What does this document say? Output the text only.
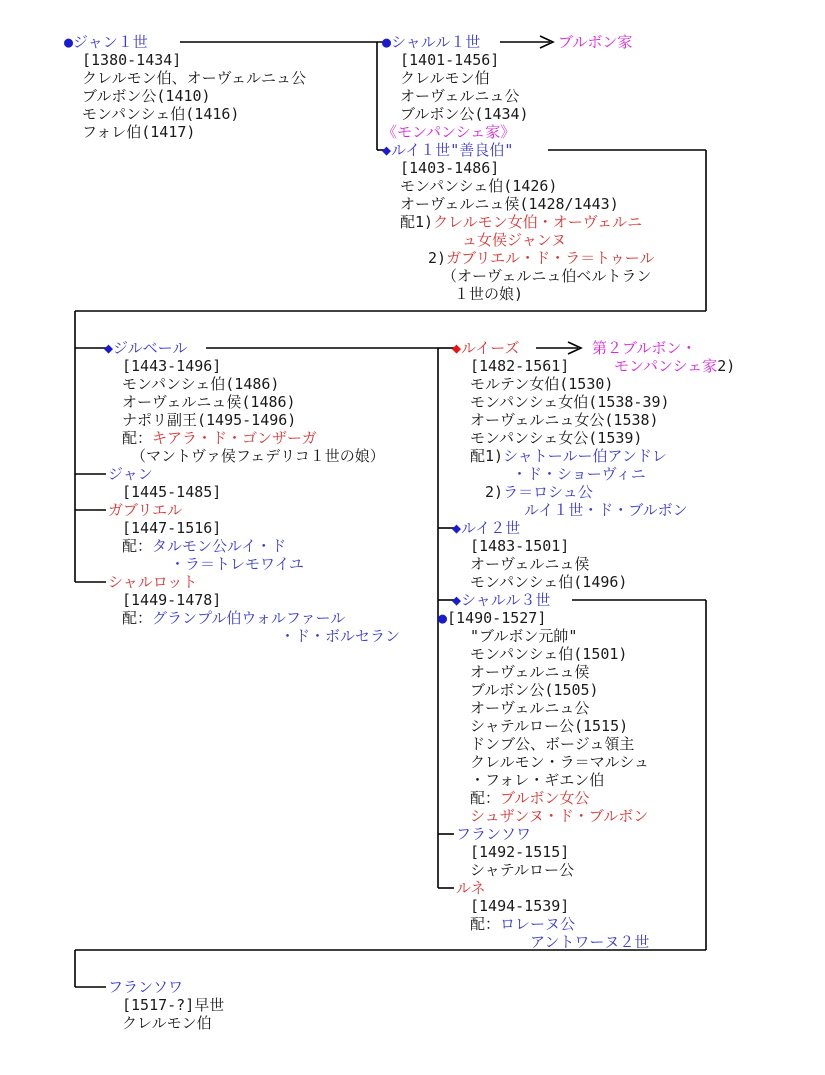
●ジャン１世
[1380-1434]
クレルモン伯、オーヴェルニュ公
ブルボン公(1410)
モンパンシェ伯(1416)
フォレ伯(1417)
●シャルル１世
[1401-1456]
クレルモン伯
オーヴェルニュ公
ブルボン公(1434)
《モンパンシェ家》
◆ルイ１世"善良伯"
[1403-1486]
モンパンシェ伯(1426)
オーヴェルニュ侯(1428/1443)
配1)クレルモン女伯・オーヴェルニ
ュ女侯ジャンヌ
2)ガブリエル・ド・ラ＝トゥール
（オーヴェルニュ伯ベルトラン
１世の娘)
ブルボン家
◆ジルベール
[1443-1496]
モンパンシェ伯(1486)
オーヴェルニュ侯(1486)
ナポリ副王(1495-1496)
配：キアラ・ド・ゴンザーガ
（マントヴァ侯フェデリコ１世の娘）
ジャン
[1445-1485]
ガブリエル
[1447-1516]
配：タルモン公ルイ・ド
・ラ＝トレモワイユ
シャルロット
[1449-1478]
配：グランプル伯ウォルファール
・ド・ボルセラン
◆ルイーズ
[1482-1561]
モルテン女伯(1530)
モンパンシェ女伯(1538-39)
オーヴェルニュ女公(1538)
モンパンシェ女公(1539)
配1)シャトールー伯アンドレ
・ド・ショーヴィニ
2)ラ＝ロシュ公
ルイ１世・ド・ブルボン
第２ブルボン・
モンパンシェ家2)
◆ルイ２世
[1483-1501]
オーヴェルニュ侯
モンパンシェ伯(1496)
◆シャルル３世
●[1490-1527]
"ブルボン元帥"
モンパンシェ伯(1501)
オーヴェルニュ侯
ブルボン公(1505)
オーヴェルニュ公
シャテルロー公(1515)
ドンブ公、ボージュ領主
クレルモン・ラ＝マルシュ
・フォレ・ギエン伯
配：ブルボン女公
シュザンヌ・ド・ブルボン
フランソワ
[1492-1515]
シャテルロー公
ルネ
[1494-1539]
配：ロレーヌ公
アントワーヌ２世
フランソワ
[1517-?]早世
クレルモン伯
